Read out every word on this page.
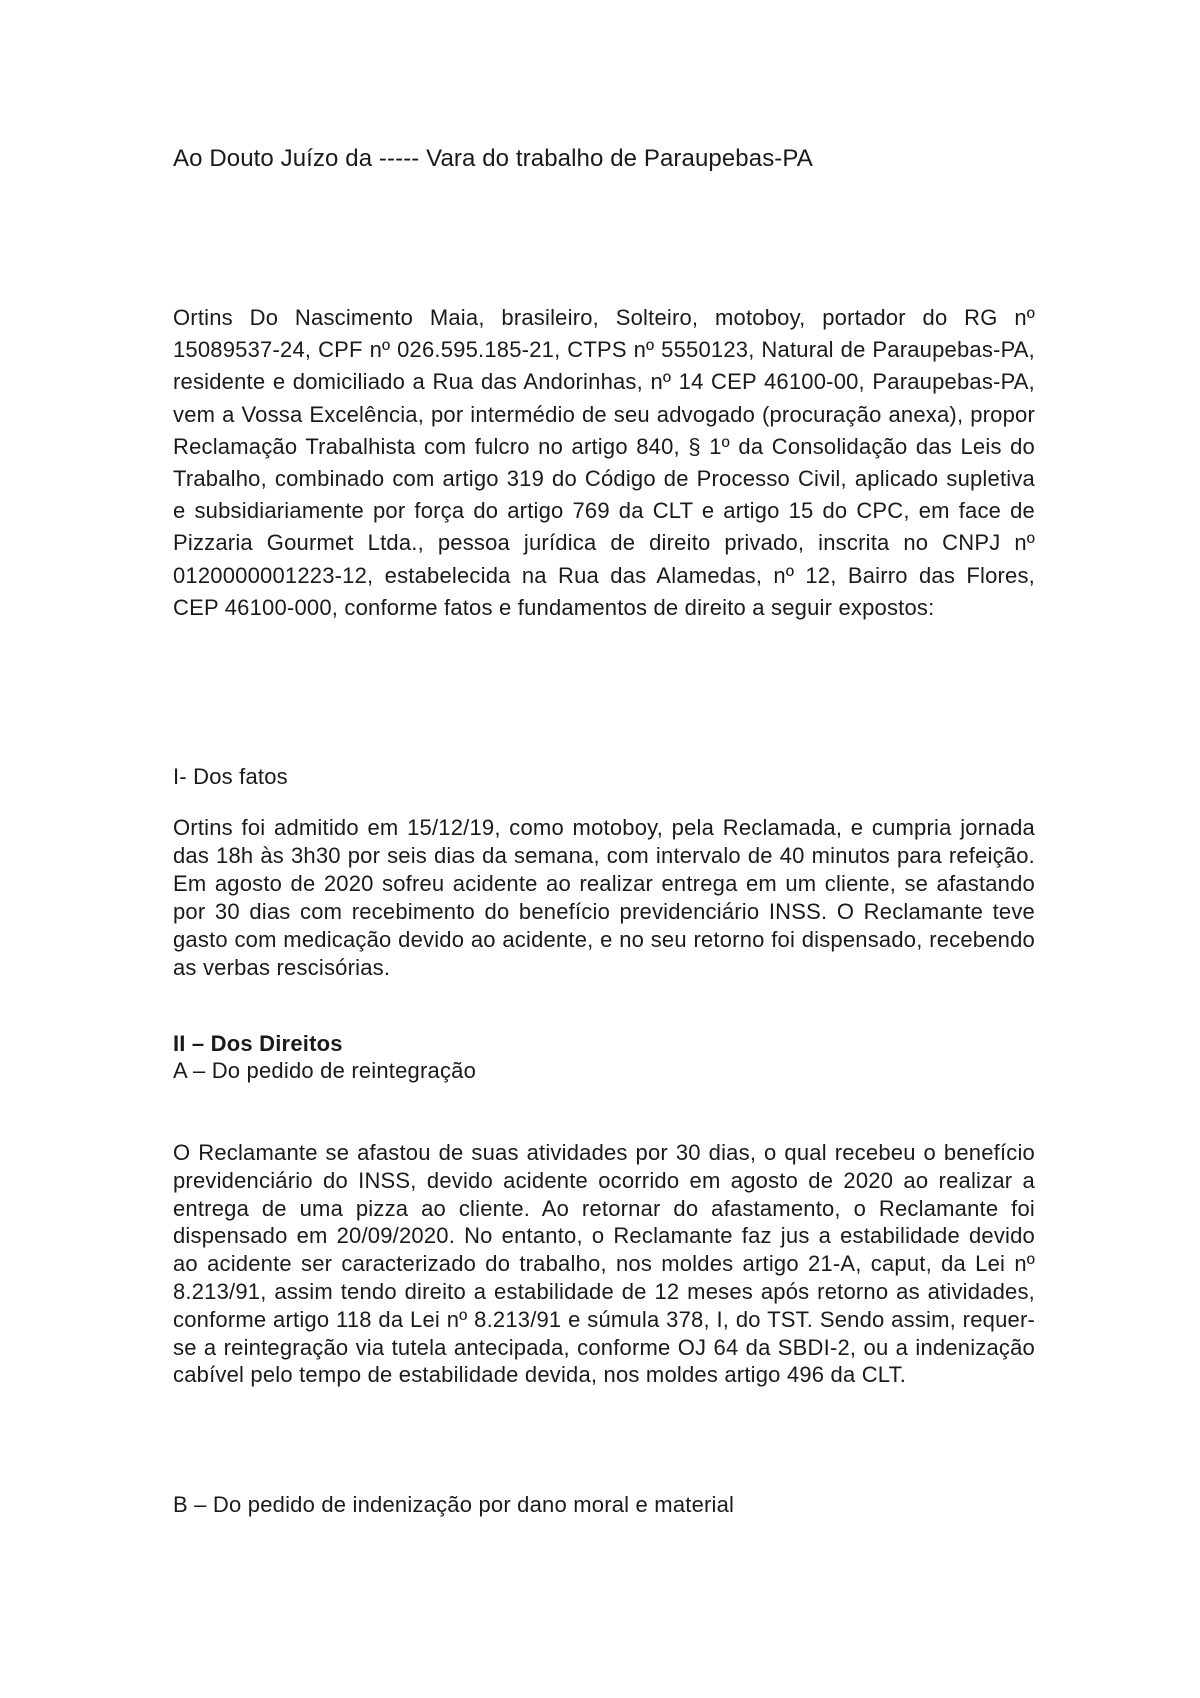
Ao Douto Juízo da ----- Vara do trabalho de Paraupebas-PA

Ortins Do Nascimento Maia, brasileiro, Solteiro, motoboy, portador do RG nº 15089537-24, CPF nº 026.595.185-21, CTPS nº 5550123, Natural de Paraupebas-PA, residente e domiciliado a Rua das Andorinhas, nº 14 CEP 46100-00, Paraupebas-PA, vem a Vossa Excelência, por intermédio de seu advogado (procuração anexa), propor Reclamação Trabalhista com fulcro no artigo 840, § 1º da Consolidação das Leis do Trabalho, combinado com artigo 319 do Código de Processo Civil, aplicado supletiva e subsidiariamente por força do artigo 769 da CLT e artigo 15 do CPC, em face de Pizzaria Gourmet Ltda., pessoa jurídica de direito privado, inscrita no CNPJ nº 0120000001223-12, estabelecida na Rua das Alamedas, nº 12, Bairro das Flores, CEP 46100-000, conforme fatos e fundamentos de direito a seguir expostos:

I- Dos fatos

Ortins foi admitido em 15/12/19, como motoboy, pela Reclamada, e cumpria jornada das 18h às 3h30 por seis dias da semana, com intervalo de 40 minutos para refeição. Em agosto de 2020 sofreu acidente ao realizar entrega em um cliente, se afastando por 30 dias com recebimento do benefício previdenciário INSS. O Reclamante teve gasto com medicação devido ao acidente, e no seu retorno foi dispensado, recebendo as verbas rescisórias.

II – Dos Direitos
A – Do pedido de reintegração

O Reclamante se afastou de suas atividades por 30 dias, o qual recebeu o benefício previdenciário do INSS, devido acidente ocorrido em agosto de 2020 ao realizar a entrega de uma pizza ao cliente. Ao retornar do afastamento, o Reclamante foi dispensado em 20/09/2020. No entanto, o Reclamante faz jus a estabilidade devido ao acidente ser caracterizado do trabalho, nos moldes artigo 21-A, caput, da Lei nº 8.213/91, assim tendo direito a estabilidade de 12 meses após retorno as atividades, conforme artigo 118 da Lei nº 8.213/91 e súmula 378, I, do TST. Sendo assim, requer-se a reintegração via tutela antecipada, conforme OJ 64 da SBDI-2, ou a indenização cabível pelo tempo de estabilidade devida, nos moldes artigo 496 da CLT.

B – Do pedido de indenização por dano moral e material
